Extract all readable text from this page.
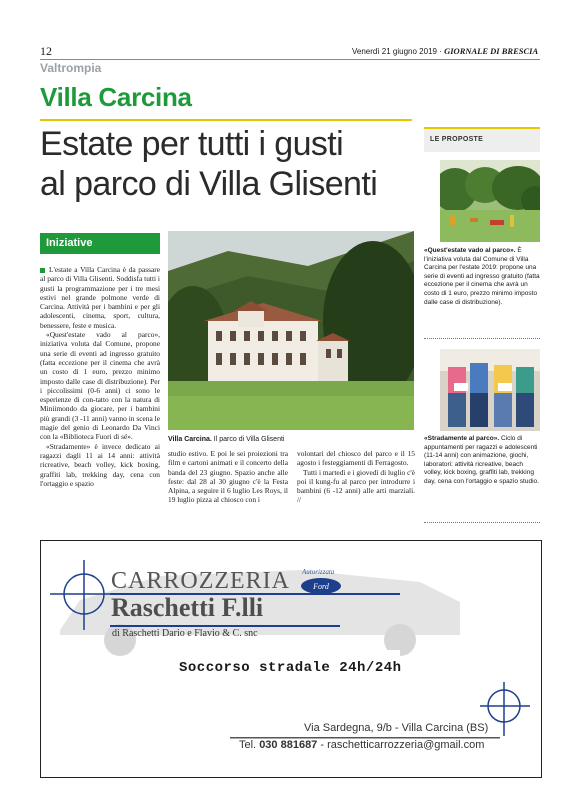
12	Venerdì 21 giugno 2019 · GIORNALE DI BRESCIA
Valtrompia
Villa Carcina
Estate per tutti i gusti
al parco di Villa Glisenti
LE PROPOSTE
«Quest'estate vado al parco». È l'iniziativa voluta dal Comune di Villa Carcina per l'estate 2019: propone una serie di eventi ad ingresso gratuito (fatta eccezione per il cinema che avrà un costo di 1 euro, prezzo minimo imposto dalle case di distribuzione).
«Stradamente al parco». Ciclo di appuntamenti per ragazzi e adolescenti (11-14 anni) con animazione, giochi, laboratori: attività ricreative, beach volley, kick boxing, graffiti lab, trekking day, cena con l'ortaggio e spazio studio.
Iniziative

L'estate a Villa Carcina è da passare al parco di Villa Glisenti. Soddisfa tutti i gusti la programmazione per i tre mesi estivi nel grande polmone verde di Carcina. Attività per i bambini e per gli adolescenti, cinema, sport, cultura, benessere, feste e musica.

«Quest'estate vado al parco», iniziativa voluta dal Comune, propone una serie di eventi ad ingresso gratuito (fatta eccezione per il cinema che avrà un costo di 1 euro, prezzo minimo imposto dalle case di distribuzione). Per i piccolissimi (0-6 anni) ci sono le esperienze di con-tatto con la natura di Miniimondo da giocare, per i bambini più grandi (3 -11 anni) vanno in scena le magie del genio di Leonardo Da Vinci con la «Biblioteca Fuori di sé».

«Stradamente» è invece dedicato ai ragazzi dagli 11 ai 14 anni: attività ricreative, beach volley, kick boxing, graffiti lab, trekking day, cena con l'ortaggio e spazio

Villa Carcina. Il parco di Villa Glisenti

studio estivo. E poi le sei proiezioni tra film e cartoni animati e il concerto della banda del 23 giugno. Spazio anche alle feste: dal 28 al 30 giugno c'è la Festa Alpina, a seguire il 6 luglio Les Roys, il 19 luglio pizza al chiosco con i

volontari del chiosco del parco e il 15 agosto i festeggiamenti di Ferragosto.

Tutti i martedì e i giovedì di luglio c'è poi il kung-fu al parco per introdurre i bambini (6 -12 anni) alle arti marziali. //

Ford
CARROZZERIA Autorizzata
Raschetti F.lli
di Raschetti Dario e Flavio & C. snc
Soccorso stradale 24h/24h
Via Sardegna, 9/b - Villa Carcina (BS)
Tel. 030 881687 - raschetticarrozzeria@gmail.com
